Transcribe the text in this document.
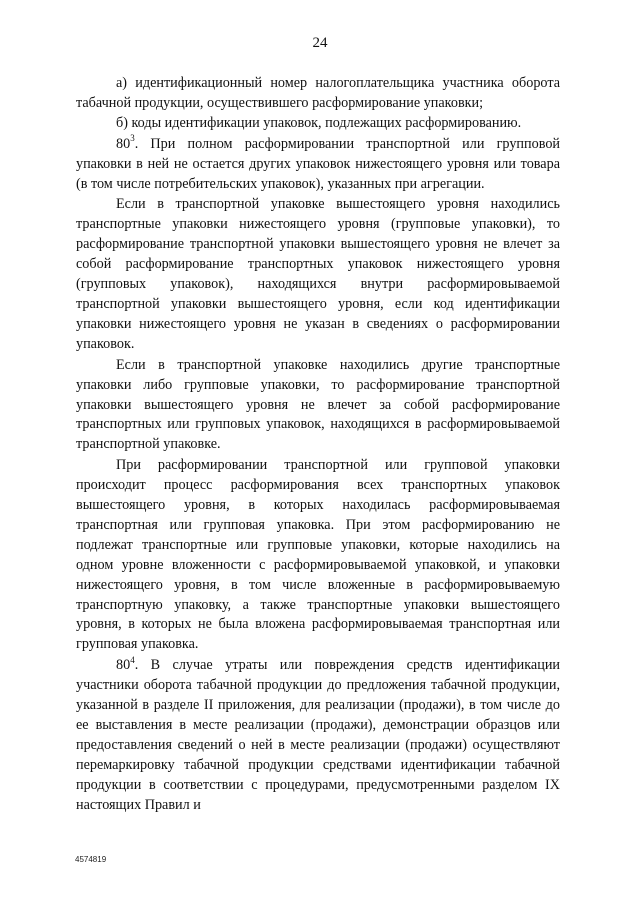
24

а) идентификационный номер налогоплательщика участника оборота табачной продукции, осуществившего расформирование упаковки;

б) коды идентификации упаковок, подлежащих расформированию.

$80^3$. При полном расформировании транспортной или групповой упаковки в ней не остается других упаковок нижестоящего уровня или товара (в том числе потребительских упаковок), указанных при агрегации.

Если в транспортной упаковке вышестоящего уровня находились транспортные упаковки нижестоящего уровня (групповые упаковки), то расформирование транспортной упаковки вышестоящего уровня не влечет за собой расформирование транспортных упаковок нижестоящего уровня (групповых упаковок), находящихся внутри расформировываемой транспортной упаковки вышестоящего уровня, если код идентификации упаковки нижестоящего уровня не указан в сведениях о расформировании упаковок.

Если в транспортной упаковке находились другие транспортные упаковки либо групповые упаковки, то расформирование транспортной упаковки вышестоящего уровня не влечет за собой расформирование транспортных или групповых упаковок, находящихся в расформировываемой транспортной упаковке.

При расформировании транспортной или групповой упаковки происходит процесс расформирования всех транспортных упаковок вышестоящего уровня, в которых находилась расформировываемая транспортная или групповая упаковка. При этом расформированию не подлежат транспортные или групповые упаковки, которые находились на одном уровне вложенности с расформировываемой упаковкой, и упаковки нижестоящего уровня, в том числе вложенные в расформировываемую транспортную упаковку, а также транспортные упаковки вышестоящего уровня, в которых не была вложена расформировываемая транспортная или групповая упаковка.

$80^4$. В случае утраты или повреждения средств идентификации участники оборота табачной продукции до предложения табачной продукции, указанной в разделе II приложения, для реализации (продажи), в том числе до ее выставления в месте реализации (продажи), демонстрации образцов или предоставления сведений о ней в месте реализации (продажи) осуществляют перемаркировку табачной продукции средствами идентификации табачной продукции в соответствии с процедурами, предусмотренными разделом IX настоящих Правил и

4574819
